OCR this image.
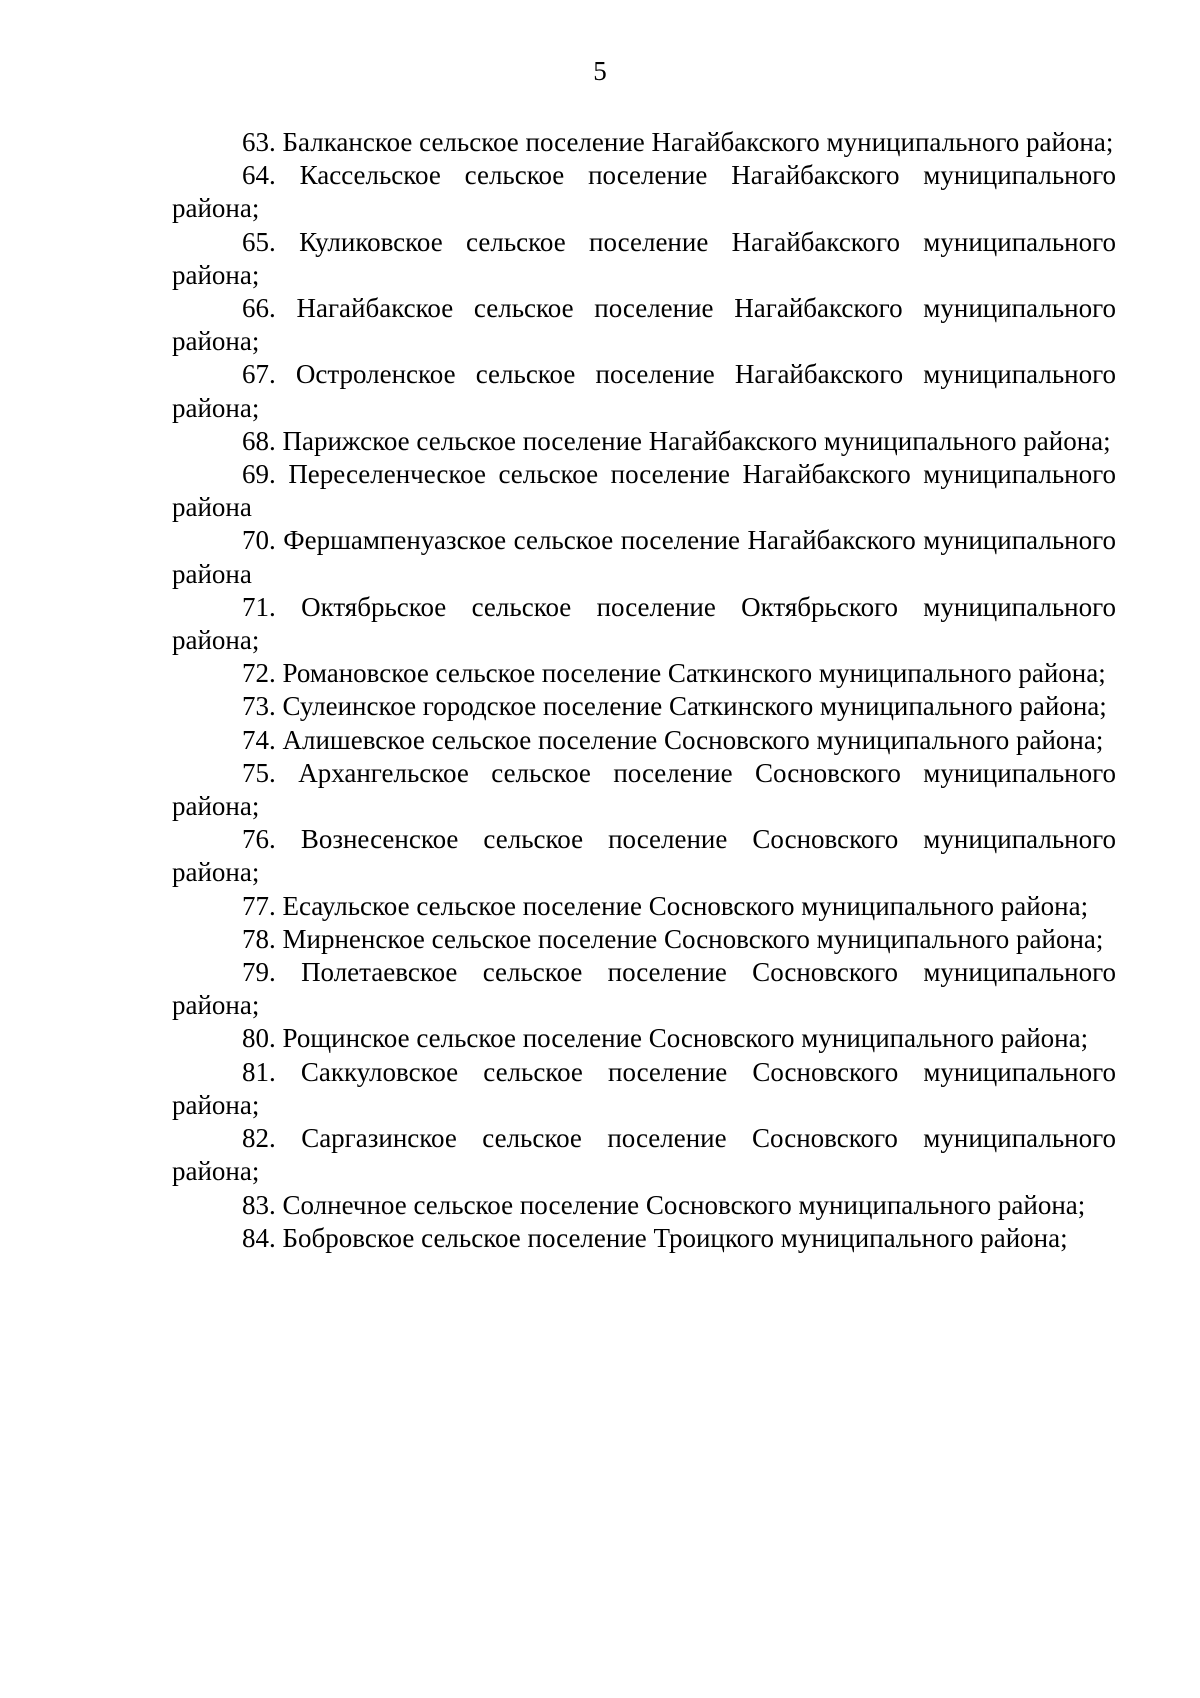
5
63. Балканское сельское поселение Нагайбакского муниципального района;
64. Кассельское сельское поселение Нагайбакского муниципального района;
65. Куликовское сельское поселение Нагайбакского муниципального района;
66. Нагайбакское сельское поселение Нагайбакского муниципального района;
67. Остроленское сельское поселение Нагайбакского муниципального района;
68. Парижское сельское поселение Нагайбакского муниципального района;
69. Переселенческое сельское поселение Нагайбакского муниципального района
70. Фершампенуазское сельское поселение Нагайбакского муниципального района
71. Октябрьское сельское поселение Октябрьского муниципального района;
72. Романовское сельское поселение Саткинского муниципального района;
73. Сулеинское городское поселение Саткинского муниципального района;
74. Алишевское сельское поселение Сосновского муниципального района;
75. Архангельское сельское поселение Сосновского муниципального района;
76. Вознесенское сельское поселение Сосновского муниципального района;
77. Есаульское сельское поселение Сосновского муниципального района;
78. Мирненское сельское поселение Сосновского муниципального района;
79. Полетаевское сельское поселение Сосновского муниципального района;
80. Рощинское сельское поселение Сосновского муниципального района;
81. Саккуловское сельское поселение Сосновского муниципального района;
82. Саргазинское сельское поселение Сосновского муниципального района;
83. Солнечное сельское поселение Сосновского муниципального района;
84. Бобровское сельское поселение Троицкого муниципального района;
